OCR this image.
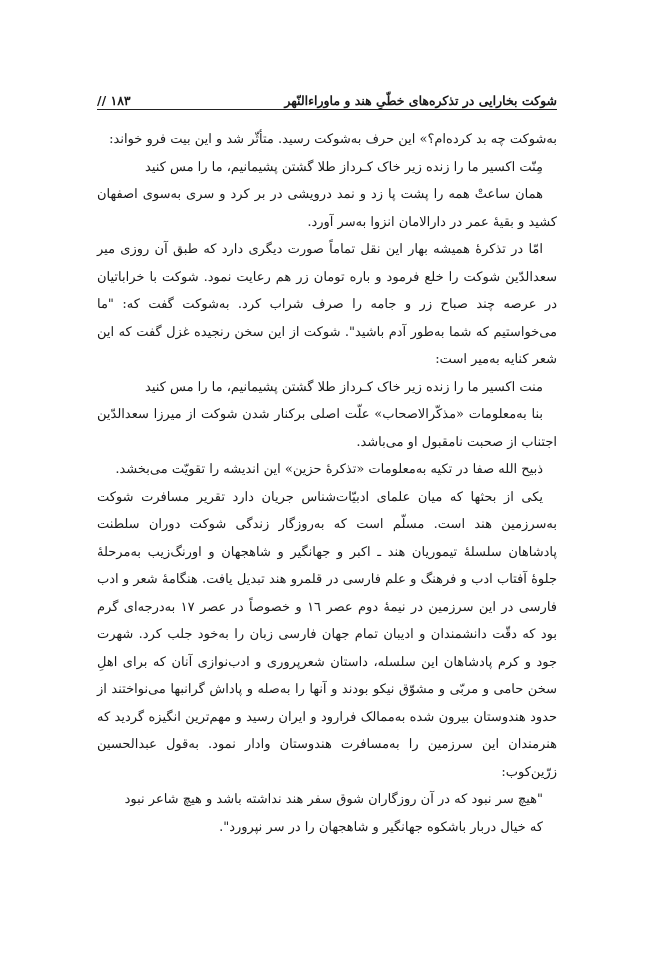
// ۱۸۳	شوکت بخارایی در تذکره‌های خطّیِ هند و ماوراءالنّهر

به‌شوکت چه بد کرده‌ام؟» این حرف به‌شوکت رسید. متأثّر شد و این بیت فرو خواند:

مِنّت اکسیر ما را زنده زیر خاک کـرد
از طلا گشتن پشیمانیم، ما را مس کنید

همان ساعتْ همه را پشت پا زد و نمد درویشی در بر کرد و سری به‌سوی اصفهان کشید و بقیۀ عمر در دارالامان انزوا به‌سر آورد.

امّا در تذکرۀ همیشه بهار این نقل تماماً صورت دیگری دارد که طبق آن روزی میر سعدالدّین شوکت را خلع فرمود و باره تومان زر هم رعایت نمود. شوکت با خراباتیان در عرصه چند صباح زر و جامه را صرف شراب کرد. به‌شوکت گفت که: "ما می‌خواستیم که شما به‌طور آدم باشید". شوکت از این سخن رنجیده غزل گفت که این شعر کنایه به‌میر است:

منت اکسیر ما را زنده زیر خاک کـرد
از طلا گشتن پشیمانیم، ما را مس کنید

بنا به‌معلومات «مذکّرالاصحاب» علّت اصلی برکنار شدن شوکت از میرزا سعدالدّین اجتناب از صحبت نامقبول او می‌باشد.

ذبیح الله صفا در تکیه به‌معلومات «تذکرۀ حزین» این اندیشه را تقویّت می‌بخشد.

یکی از بحثها که میان علمای ادبیّات‌شناس جریان دارد تقریر مسافرت شوکت به‌سرزمین هند است. مسلّم است که به‌روزگار زندگی شوکت دوران سلطنت پادشاهان سلسلۀ تیموریان هند ـ اکبر و جهانگیر و شاهجهان و اورنگ‌زیب به‌مرحلۀ جلوۀ آفتاب ادب و فرهنگ و علم فارسی در قلمرو هند تبدیل یافت. هنگامۀ شعر و ادب فارسی در این سرزمین در نیمۀ دوم عصر ١٦ و خصوصاً در عصر ١٧ به‌درجه‌ای گرم بود که دقّت دانشمندان و ادیبان تمام جهان فارسی زبان را به‌خود جلب کرد. شهرت جود و کرم پادشاهان این سلسله، داستان شعرپروری و ادب‌نوازی آنان که برای اهلِ سخن حامی و مربّی و مشوّق نیکو بودند و آنها را به‌صله و پاداش گرانبها می‌نواختند از حدود هندوستان بیرون شده به‌ممالک فرارود و ایران رسید و مهم‌ترین انگیزه گردید که هنرمندان این سرزمین را به‌مسافرت هندوستان وادار نمود. به‌قول عبدالحسین زرّین‌کوب:

"هیچ سر نبود که در آن روزگاران شوق سفر هند نداشته باشد و هیچ شاعر نبود که خیال دربار باشکوه جهانگیر و شاهجهان را در سر نپرورد".
